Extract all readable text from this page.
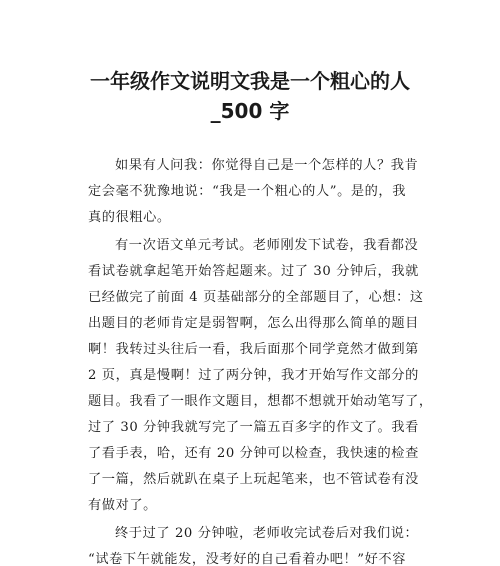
一年级作文说明文我是一个粗心的人
_500 字

如果有人问我：你觉得自己是一个怎样的人？我肯
定会毫不犹豫地说：“我是一个粗心的人”。是的，我
真的很粗心。

有一次语文单元考试。老师刚发下试卷，我看都没
看试卷就拿起笔开始答起题来。过了 30 分钟后，我就
已经做完了前面 4 页基础部分的全部题目了，心想：这
出题目的老师肯定是弱智啊，怎么出得那么简单的题目
啊！我转过头往后一看，我后面那个同学竟然才做到第
2 页，真是慢啊！过了两分钟，我才开始写作文部分的
题目。我看了一眼作文题目，想都不想就开始动笔写了，
过了 30 分钟我就写完了一篇五百多字的作文了。我看
了看手表，哈，还有 20 分钟可以检查，我快速的检查
了一篇，然后就趴在桌子上玩起笔来，也不管试卷有没
有做对了。

终于过了 20 分钟啦，老师收完试卷后对我们说：
“试卷下午就能发，没考好的自己看着办吧！”好不容
